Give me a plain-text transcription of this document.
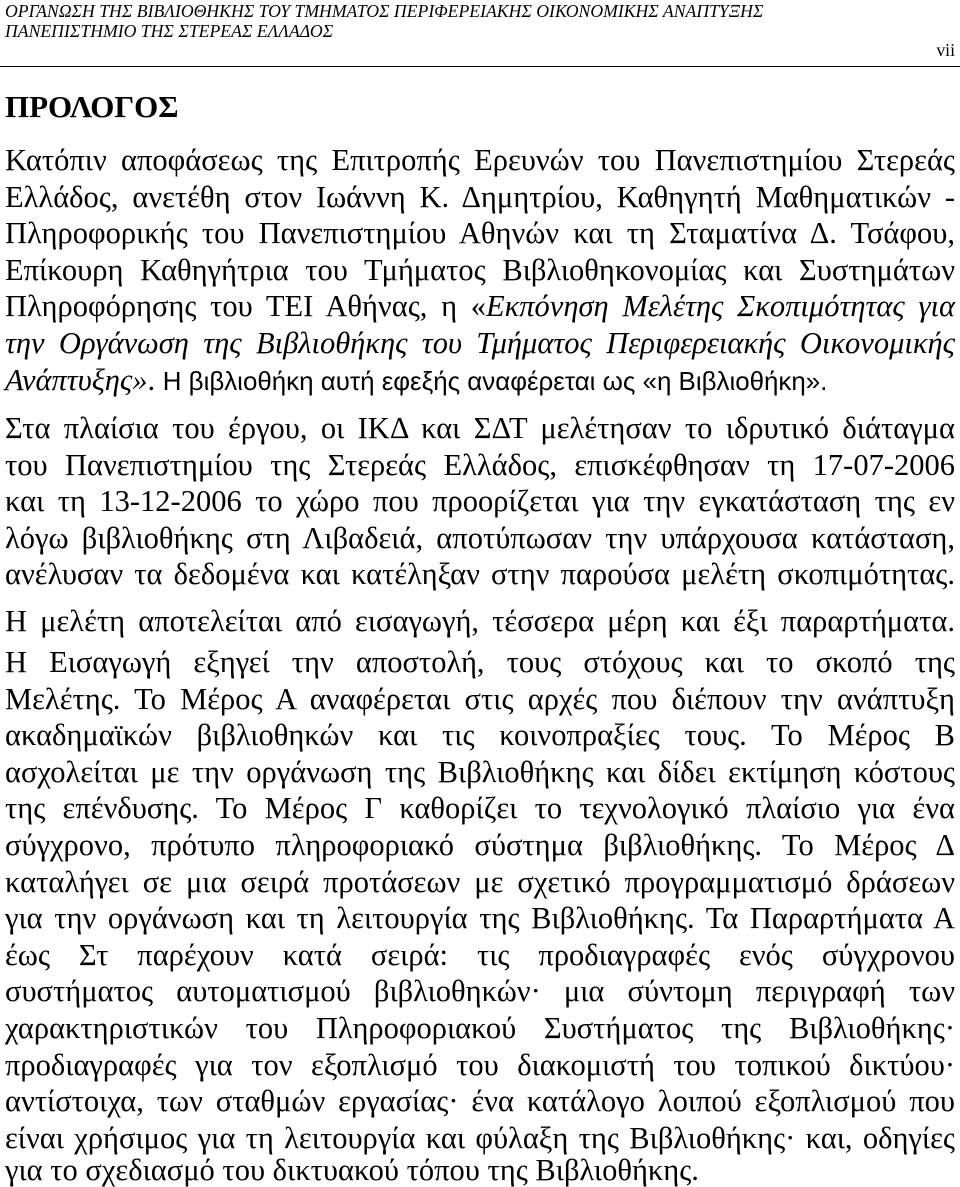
ΟΡΓΑΝΩΣΗ ΤΗΣ ΒΙΒΛΙΟΘΗΚΗΣ ΤΟΥ ΤΜΗΜΑΤΟΣ ΠΕΡΙΦΕΡΕΙΑΚΗΣ ΟΙΚΟΝΟΜΙΚΗΣ ΑΝΑΠΤΥΞΗΣ
ΠΑΝΕΠΙΣΤΗΜΙΟ ΤΗΣ ΣΤΕΡΕΑΣ ΕΛΛΑΔΟΣ
vii
ΠΡΟΛΟΓΟΣ
Κατόπιν αποφάσεως της Επιτροπής Ερευνών του Πανεπιστημίου Στερεάς
Ελλάδος, ανετέθη στον Ιωάννη Κ. Δημητρίου, Καθηγητή Μαθηματικών -
Πληροφορικής του Πανεπιστημίου Αθηνών και τη Σταματίνα Δ. Τσάφου,
Επίκουρη Καθηγήτρια του Τμήματος Βιβλιοθηκονομίας και Συστημάτων
Πληροφόρησης του ΤΕΙ Αθήνας, η «Εκπόνηση Μελέτης Σκοπιμότητας για
την Οργάνωση της Βιβλιοθήκης του Τμήματος Περιφερειακής Οικονομικής
Ανάπτυξης». Η βιβλιοθήκη αυτή εφεξής αναφέρεται ως «η Βιβλιοθήκη».
Στα πλαίσια του έργου, οι ΙΚΔ και ΣΔΤ μελέτησαν το ιδρυτικό διάταγμα
του Πανεπιστημίου της Στερεάς Ελλάδος, επισκέφθησαν τη 17-07-2006
και τη 13-12-2006 το χώρο που προορίζεται για την εγκατάσταση της εν
λόγω βιβλιοθήκης στη Λιβαδειά, αποτύπωσαν την υπάρχουσα κατάσταση,
ανέλυσαν τα δεδομένα και κατέληξαν στην παρούσα μελέτη σκοπιμότητας.
Η μελέτη αποτελείται από εισαγωγή, τέσσερα μέρη και έξι παραρτήματα.
Η Εισαγωγή εξηγεί την αποστολή, τους στόχους και το σκοπό της
Μελέτης. Το Μέρος Α αναφέρεται στις αρχές που διέπουν την ανάπτυξη
ακαδημαϊκών βιβλιοθηκών και τις κοινοπραξίες τους. Το Μέρος Β
ασχολείται με την οργάνωση της Βιβλιοθήκης και δίδει εκτίμηση κόστους
της επένδυσης. Το Μέρος Γ καθορίζει το τεχνολογικό πλαίσιο για ένα
σύγχρονο, πρότυπο πληροφοριακό σύστημα βιβλιοθήκης. Το Μέρος Δ
καταλήγει σε μια σειρά προτάσεων με σχετικό προγραμματισμό δράσεων
για την οργάνωση και τη λειτουργία της Βιβλιοθήκης. Τα Παραρτήματα Α
έως Στ παρέχουν κατά σειρά: τις προδιαγραφές ενός σύγχρονου
συστήματος αυτοματισμού βιβλιοθηκών· μια σύντομη περιγραφή των
χαρακτηριστικών του Πληροφοριακού Συστήματος της Βιβλιοθήκης·
προδιαγραφές για τον εξοπλισμό του διακομιστή του τοπικού δικτύου·
αντίστοιχα, των σταθμών εργασίας· ένα κατάλογο λοιπού εξοπλισμού που
είναι χρήσιμος για τη λειτουργία και φύλαξη της Βιβλιοθήκης· και, οδηγίες
για το σχεδιασμό του δικτυακού τόπου της Βιβλιοθήκης.
